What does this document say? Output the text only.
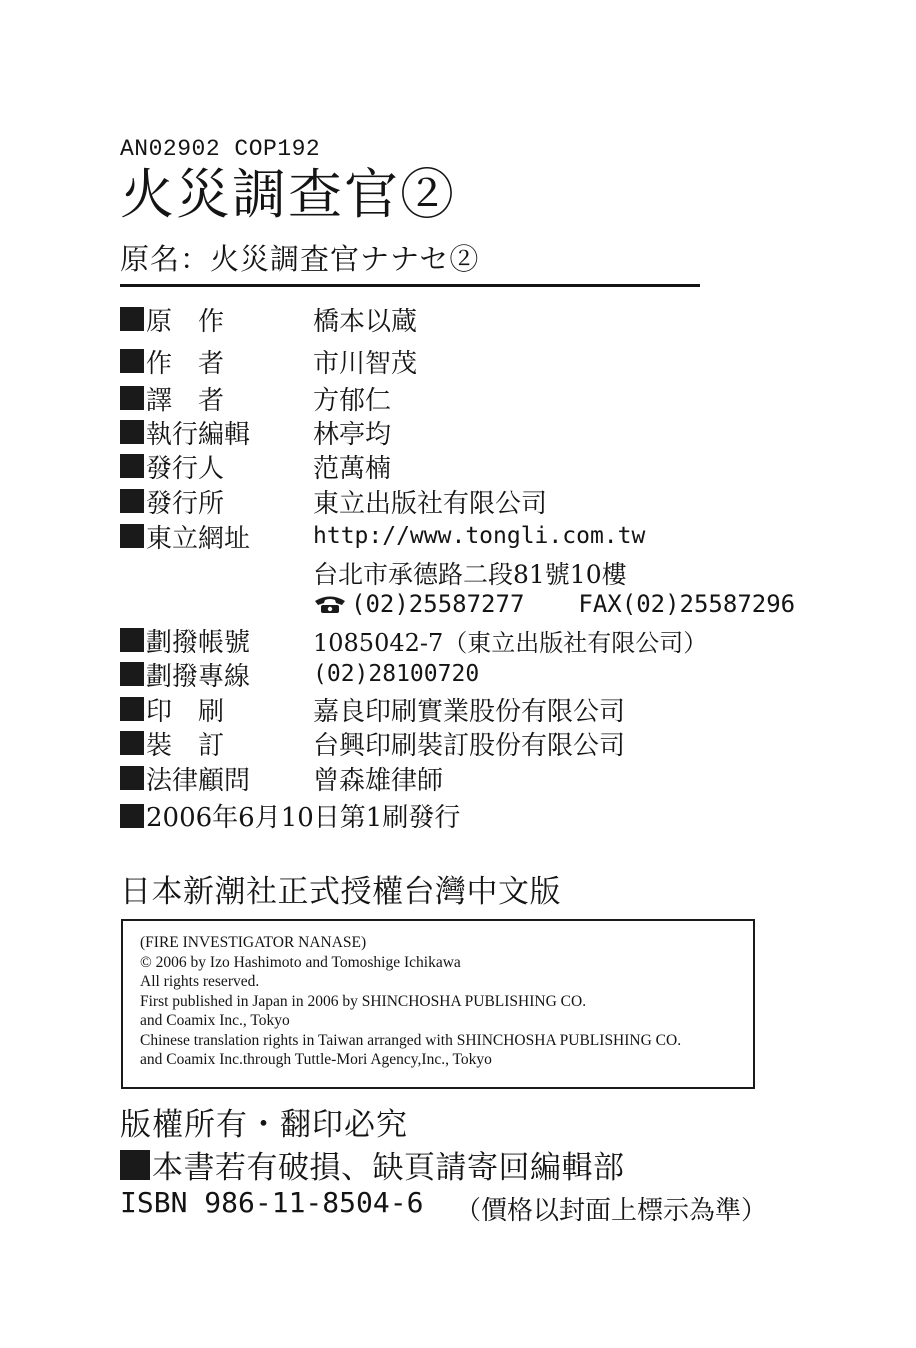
AN02902 COP192
火災調查官②
原名：火災調査官ナナセ②
原　作	橋本以蔵
作　者	市川智茂
譯　者	方郁仁
執行編輯	林亭均
發行人	范萬楠
發行所	東立出版社有限公司
東立網址	http://www.tongli.com.tw
台北市承德路二段81號10樓
(02)25587277 FAX(02)25587296
劃撥帳號	1085042-7（東立出版社有限公司）
劃撥專線	(02)28100720
印　刷	嘉良印刷實業股份有限公司
裝　訂	台興印刷裝訂股份有限公司
法律顧問	曾森雄律師
2006年6月10日第1刷發行
日本新潮社正式授權台灣中文版
(FIRE INVESTIGATOR NANASE)
© 2006 by Izo Hashimoto and Tomoshige Ichikawa
All rights reserved.
First published in Japan in 2006 by SHINCHOSHA PUBLISHING CO.
and Coamix Inc., Tokyo
Chinese translation rights in Taiwan arranged with SHINCHOSHA PUBLISHING CO.
and Coamix Inc.through Tuttle-Mori Agency,Inc., Tokyo
版權所有・翻印必究
本書若有破損、缺頁請寄回編輯部
ISBN 986-11-8504-6 （價格以封面上標示為準）
